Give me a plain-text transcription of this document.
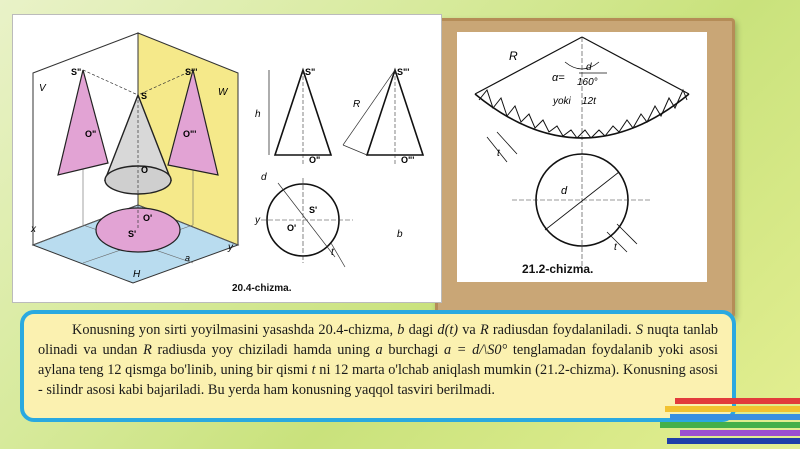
V	W
H
x
y
S"	S"'
S
O"	O"'
O
O'
S'
a
h
S"
O"
R
S"'
O"'
d
y
S'
O'
t
b
20.4-chizma.
R
α=
d
160°
yoki 12t
t
d
t
21.2-chizma.

Konusning yon sirti yoyilmasini yasashda 20.4-chizma, b dagi d(t) va R radiusdan foydalaniladi. S nuqta tanlab olinadi va undan R radiusda yoy chiziladi hamda uning a burchagi a = d/\S0° tenglamadan foydalanib yoki asosi aylana teng 12 qismga bo'linib, uning bir qismi t ni 12 marta o'lchab aniqlash mumkin (21.2-chizma). Konusning asosi - silindr asosi kabi bajariladi. Bu yerda ham konusning yaqqol tasviri berilmadi.
